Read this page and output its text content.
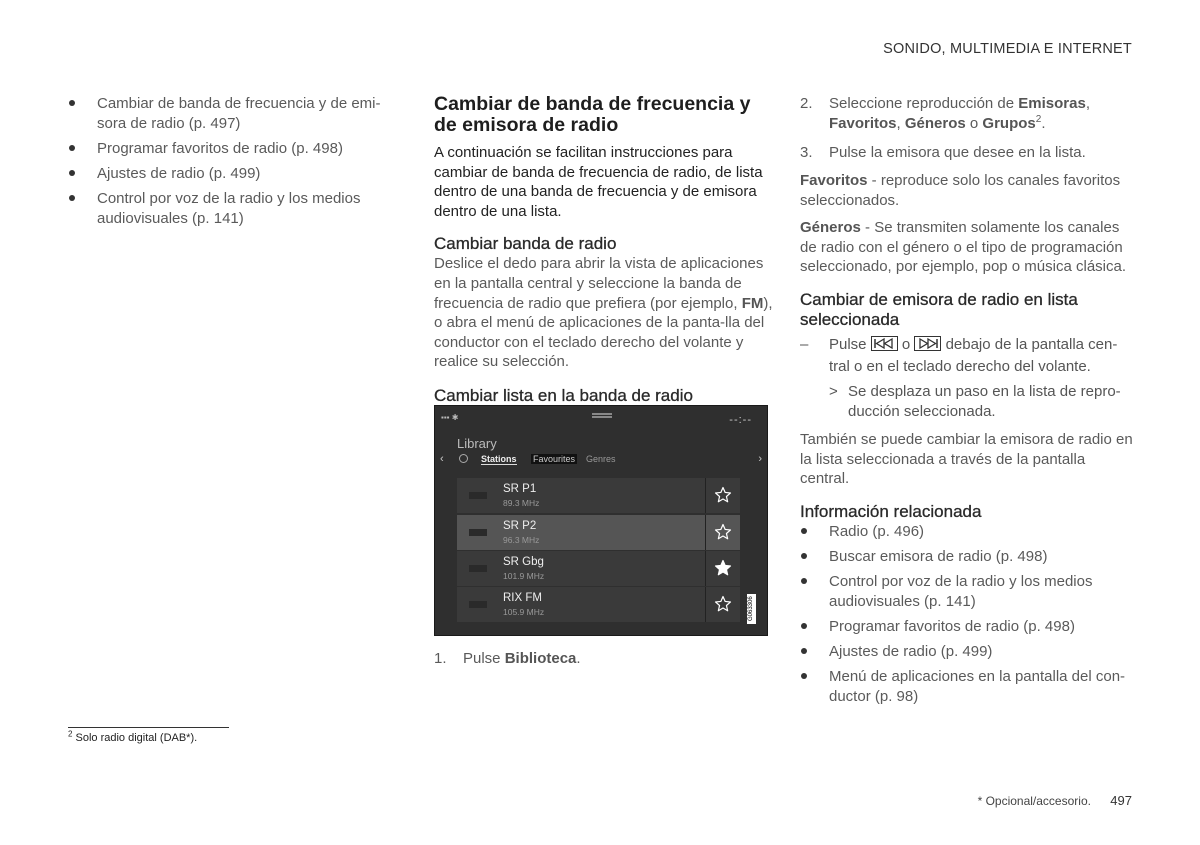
SONIDO, MULTIMEDIA E INTERNET
Cambiar de banda de frecuencia y de emi-sora de radio (p. 497)
Programar favoritos de radio (p. 498)
Ajustes de radio (p. 499)
Control por voz de la radio y los medios audiovisuales (p. 141)
Cambiar de banda de frecuencia y de emisora de radio

A continuación se facilitan instrucciones para cambiar de banda de frecuencia de radio, de lista dentro de una banda de frecuencia y de emisora dentro de una lista.

Cambiar banda de radio

Deslice el dedo para abrir la vista de aplicaciones en la pantalla central y seleccione la banda de frecuencia de radio que prefiera (por ejemplo, FM), o abra el menú de aplicaciones de la panta-lla del conductor con el teclado derecho del volante y realice su selección.

Cambiar lista en la banda de radio
▪▪▪ ✱	--:--
Library
‹	Stations Favourites Genres	›
SR P1
89.3 MHz
SR P2
96.3 MHz
SR Gbg
101.9 MHz
RIX FM
105.9 MHz	G063306
1. Pulse Biblioteca.
2. Seleccione reproducción de Emisoras, Favoritos, Géneros o Grupos$^2$.
3. Pulse la emisora que desee en la lista.

Favoritos - reproduce solo los canales favoritos seleccionados.

Géneros - Se transmiten solamente los canales de radio con el género o el tipo de programación seleccionado, por ejemplo, pop o música clásica.

Cambiar de emisora de radio en lista seleccionada
– Pulse o debajo de la pantalla cen-tral o en el teclado derecho del volante.
> Se desplaza un paso en la lista de repro-ducción seleccionada.

También se puede cambiar la emisora de radio en la lista seleccionada a través de la pantalla central.

Información relacionada
Radio (p. 496)
Buscar emisora de radio (p. 498)
Control por voz de la radio y los medios audiovisuales (p. 141)
Programar favoritos de radio (p. 498)
Ajustes de radio (p. 499)
Menú de aplicaciones en la pantalla del con-ductor (p. 98)
$^2$ Solo radio digital (DAB*).
* Opcional/accesorio. 497
